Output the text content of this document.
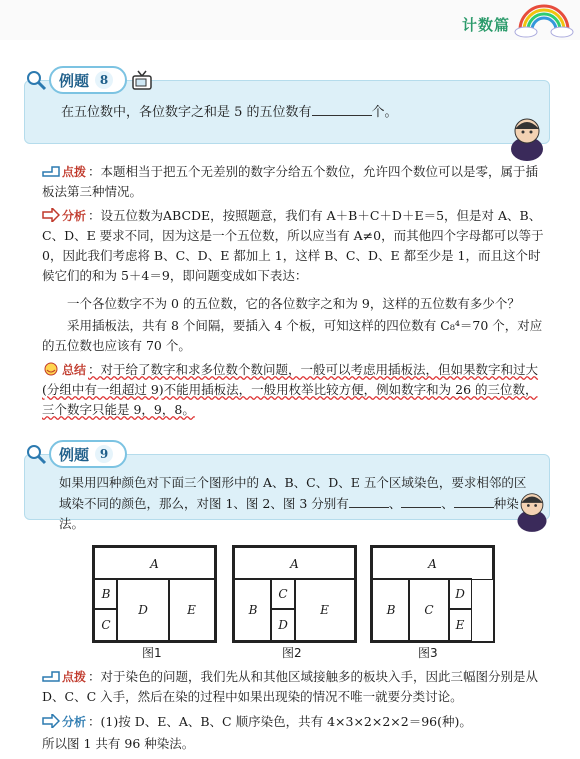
计数篇
例题 8
在五位数中，各位数字之和是 5 的五位数有	个。
点拨 ：本题相当于把五个无差别的数字分给五个数位，允许四个数位可以是零，属于插板法第三种情况。
分析 ：设五位数为ABCDE，按照题意，我们有 A＋B＋C＋D＋E＝5，但是对 A、B、C、D、E 要求不同，因为这是一个五位数，所以应当有 A≠0，而其他四个字母都可以等于 0，因此我们考虑将 B、C、D、E 都加上 1，这样 B、C、D、E 都至少是 1，而且这个时候它们的和为 5＋4＝9，即问题变成如下表达：
一个各位数字不为 0 的五位数，它的各位数字之和为 9，这样的五位数有多少个？
采用插板法，共有 8 个间隔，要插入 4 个板，可知这样的四位数有 C₈⁴＝70 个，对应的五位数也应该有 70 个。
总结 ：对于给了数字和求多位数个数问题，一般可以考虑用插板法，但如果数字和过大(分组中有一组超过 9)不能用插板法，一般用枚举比较方便，例如数字和为 26 的三位数，三个数字只能是 9，9，8。
例题 9
如果用四种颜色对下面三个图形中的 A、B、C、D、E 五个区域染色，要求相邻的区域染不同的颜色，那么，对图 1、图 2、图 3 分别有	、	、	种染法。
A
B
C
D	E
图1
A
B
C
D
E
图2
A
B	C
D
E
图3
点拨 ：对于染色的问题，我们先从和其他区域接触多的板块入手，因此三幅图分别是从 D、C、C 入手，然后在染的过程中如果出现染的情况不唯一就要分类讨论。
分析 ：(1)按 D、E、A、B、C 顺序染色，共有 4×3×2×2×2＝96(种)。
所以图 1 共有 96 种染法。
